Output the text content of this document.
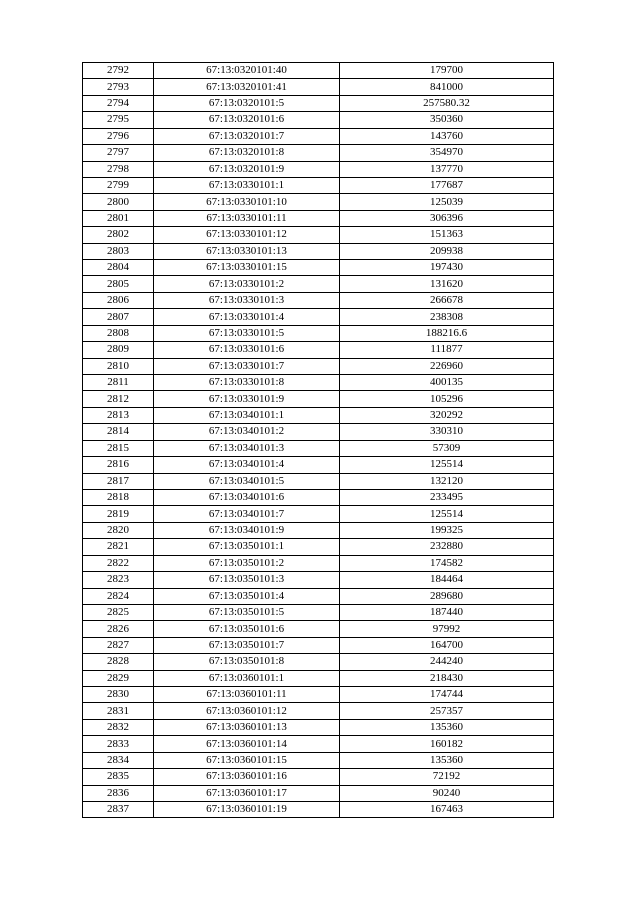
2792	67:13:0320101:40	179700
2793	67:13:0320101:41	841000
2794	67:13:0320101:5	257580.32
2795	67:13:0320101:6	350360
2796	67:13:0320101:7	143760
2797	67:13:0320101:8	354970
2798	67:13:0320101:9	137770
2799	67:13:0330101:1	177687
2800	67:13:0330101:10	125039
2801	67:13:0330101:11	306396
2802	67:13:0330101:12	151363
2803	67:13:0330101:13	209938
2804	67:13:0330101:15	197430
2805	67:13:0330101:2	131620
2806	67:13:0330101:3	266678
2807	67:13:0330101:4	238308
2808	67:13:0330101:5	188216.6
2809	67:13:0330101:6	111877
2810	67:13:0330101:7	226960
2811	67:13:0330101:8	400135
2812	67:13:0330101:9	105296
2813	67:13:0340101:1	320292
2814	67:13:0340101:2	330310
2815	67:13:0340101:3	57309
2816	67:13:0340101:4	125514
2817	67:13:0340101:5	132120
2818	67:13:0340101:6	233495
2819	67:13:0340101:7	125514
2820	67:13:0340101:9	199325
2821	67:13:0350101:1	232880
2822	67:13:0350101:2	174582
2823	67:13:0350101:3	184464
2824	67:13:0350101:4	289680
2825	67:13:0350101:5	187440
2826	67:13:0350101:6	97992
2827	67:13:0350101:7	164700
2828	67:13:0350101:8	244240
2829	67:13:0360101:1	218430
2830	67:13:0360101:11	174744
2831	67:13:0360101:12	257357
2832	67:13:0360101:13	135360
2833	67:13:0360101:14	160182
2834	67:13:0360101:15	135360
2835	67:13:0360101:16	72192
2836	67:13:0360101:17	90240
2837	67:13:0360101:19	167463
